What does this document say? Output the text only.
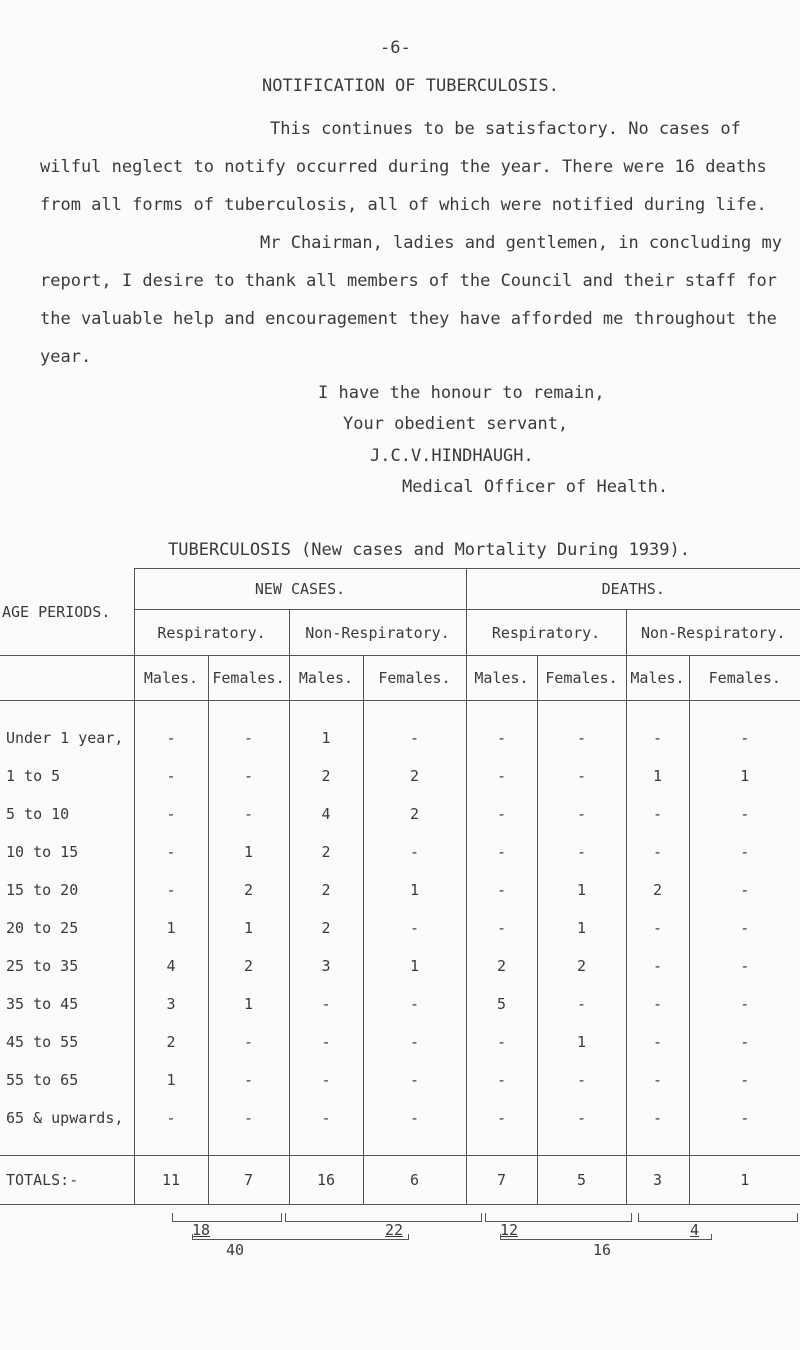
-6-
NOTIFICATION OF TUBERCULOSIS.

This continues to be satisfactory. No cases of wilful neglect to notify occurred during the year. There were 16 deaths from all forms of tuberculosis, all of which were notified during life.

Mr Chairman, ladies and gentlemen, in concluding my report, I desire to thank all members of the Council and their staff for the valuable help and encouragement they have afforded me throughout the year.

I have the honour to remain,
Your obedient servant,
J.C.V.HINDHAUGH.
Medical Officer of Health.
TUBERCULOSIS (New cases and Mortality During 1939).
AGE PERIODS.	NEW CASES.				DEATHS.			
	Respiratory.		Non-Respiratory.		Respiratory.		Non-Respiratory.	
	Males.	Females.	Males.	Females.	Males.	Females.	Males.	Females.

Under 1 year,	-	-	1	-	-	-	-	-
1 to 5	-	-	2	2	-	-	1	1
5 to 10	-	-	4	2	-	-	-	-
10 to 15	-	1	2	-	-	-	-	-
15 to 20	-	2	2	1	-	1	2	-
20 to 25	1	1	2	-	-	1	-	-
25 to 35	4	2	3	1	2	2	-	-
35 to 45	3	1	-	-	5	-	-	-
45 to 55	2	-	-	-	-	1	-	-
55 to 65	1	-	-	-	-	-	-	-
65 & upwards,	-	-	-	-	-	-	-	-

TOTALS:-	11	7	16	6	7	5	3	1
18	22	12	4
40	16
